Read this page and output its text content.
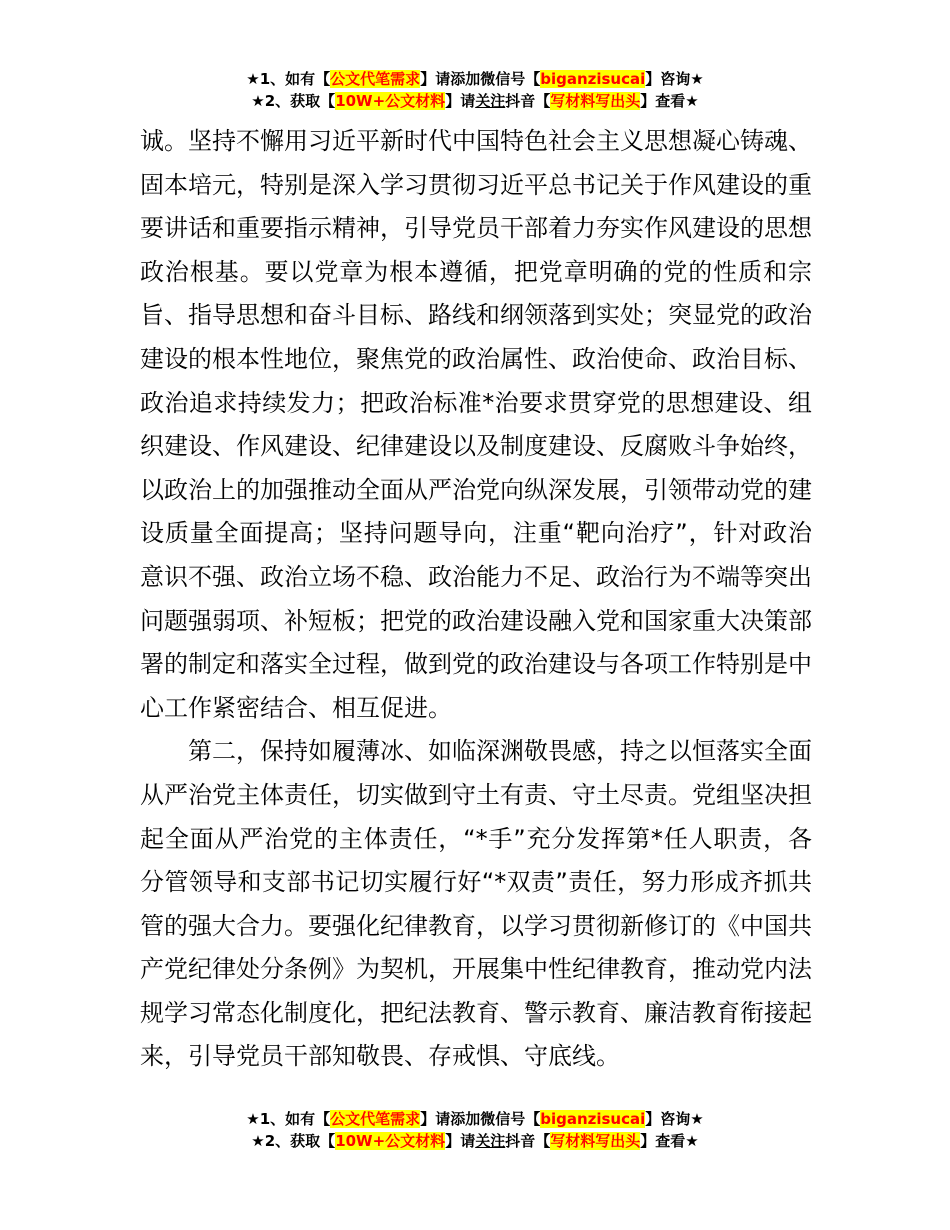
★1、如有【公文代笔需求】请添加微信号【biganzisucai】咨询★
★2、获取【10W+公文材料】请关注抖音【写材料写出头】查看★

诚。坚持不懈用习近平新时代中国特色社会主义思想凝心铸魂、固本培元，特别是深入学习贯彻习近平总书记关于作风建设的重要讲话和重要指示精神，引导党员干部着力夯实作风建设的思想政治根基。要以党章为根本遵循，把党章明确的党的性质和宗旨、指导思想和奋斗目标、路线和纲领落到实处；突显党的政治建设的根本性地位，聚焦党的政治属性、政治使命、政治目标、政治追求持续发力；把政治标准*治要求贯穿党的思想建设、组织建设、作风建设、纪律建设以及制度建设、反腐败斗争始终，以政治上的加强推动全面从严治党向纵深发展，引领带动党的建设质量全面提高；坚持问题导向，注重“靶向治疗”，针对政治意识不强、政治立场不稳、政治能力不足、政治行为不端等突出问题强弱项、补短板；把党的政治建设融入党和国家重大决策部署的制定和落实全过程，做到党的政治建设与各项工作特别是中心工作紧密结合、相互促进。

第二，保持如履薄冰、如临深渊敬畏感，持之以恒落实全面从严治党主体责任，切实做到守土有责、守土尽责。党组坚决担起全面从严治党的主体责任，“*手”充分发挥第*任人职责，各分管领导和支部书记切实履行好“*双责”责任，努力形成齐抓共管的强大合力。要强化纪律教育，以学习贯彻新修订的《中国共产党纪律处分条例》为契机，开展集中性纪律教育，推动党内法规学习常态化制度化，把纪法教育、警示教育、廉洁教育衔接起来，引导党员干部知敬畏、存戒惧、守底线。

★1、如有【公文代笔需求】请添加微信号【biganzisucai】咨询★
★2、获取【10W+公文材料】请关注抖音【写材料写出头】查看★
